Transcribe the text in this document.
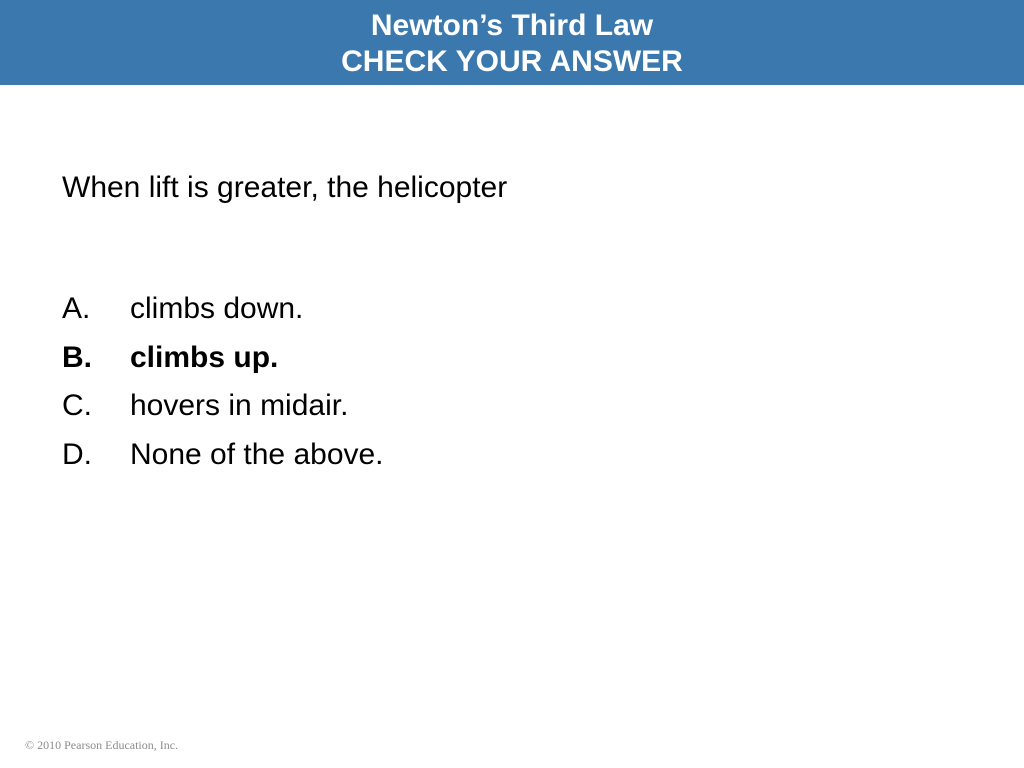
Newton’s Third Law
CHECK YOUR ANSWER
When lift is greater, the helicopter
A.	climbs down.
B.	climbs up.
C.	hovers in midair.
D.	None of the above.
© 2010 Pearson Education, Inc.
